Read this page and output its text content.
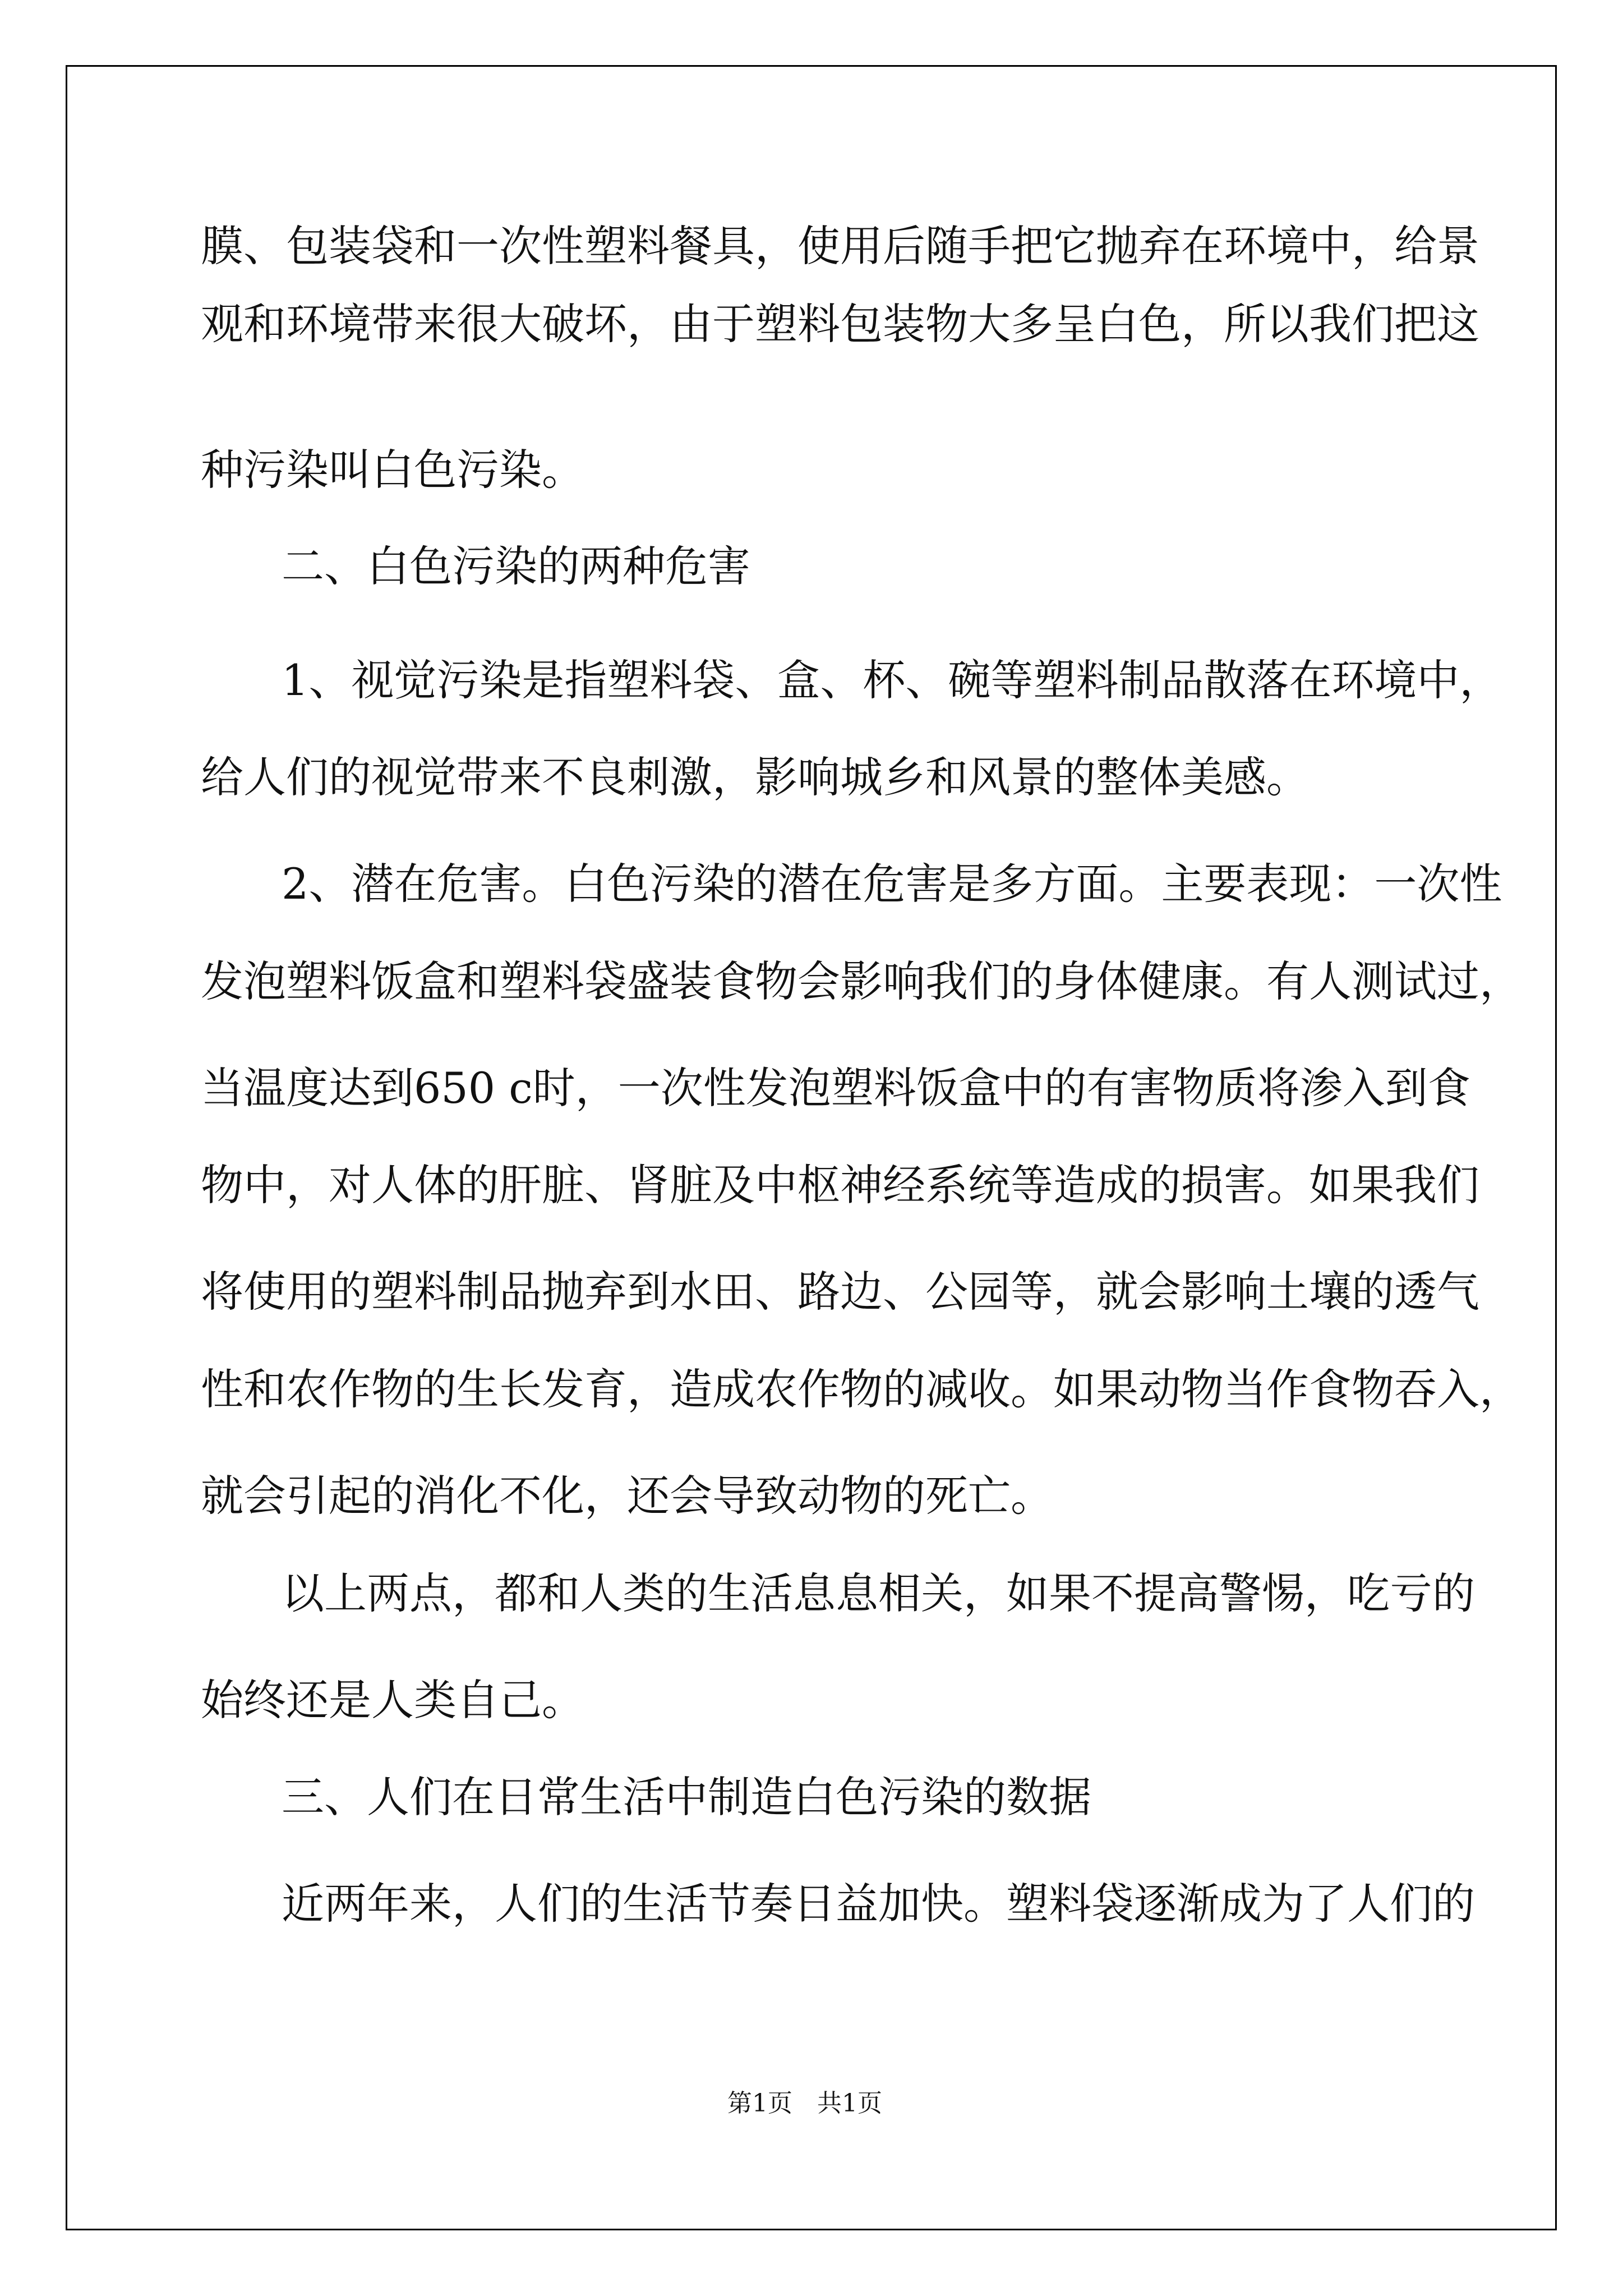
膜、包装袋和一次性塑料餐具，使用后随手把它抛弃在环境中，给景
观和环境带来很大破坏，由于塑料包装物大多呈白色，所以我们把这
种污染叫白色污染。
二、白色污染的两种危害
1、视觉污染是指塑料袋、盒、杯、碗等塑料制品散落在环境中，
给人们的视觉带来不良刺激，影响城乡和风景的整体美感。
2、潜在危害。白色污染的潜在危害是多方面。主要表现：一次性
发泡塑料饭盒和塑料袋盛装食物会影响我们的身体健康。有人测试过，
当温度达到650 c时，一次性发泡塑料饭盒中的有害物质将渗入到食
物中，对人体的肝脏、肾脏及中枢神经系统等造成的损害。如果我们
将使用的塑料制品抛弃到水田、路边、公园等，就会影响土壤的透气
性和农作物的生长发育，造成农作物的减收。如果动物当作食物吞入，
就会引起的消化不化，还会导致动物的死亡。
以上两点，都和人类的生活息息相关，如果不提高警惕，吃亏的
始终还是人类自己。
三、人们在日常生活中制造白色污染的数据
近两年来，人们的生活节奏日益加快。塑料袋逐渐成为了人们的
第1页　共1页
